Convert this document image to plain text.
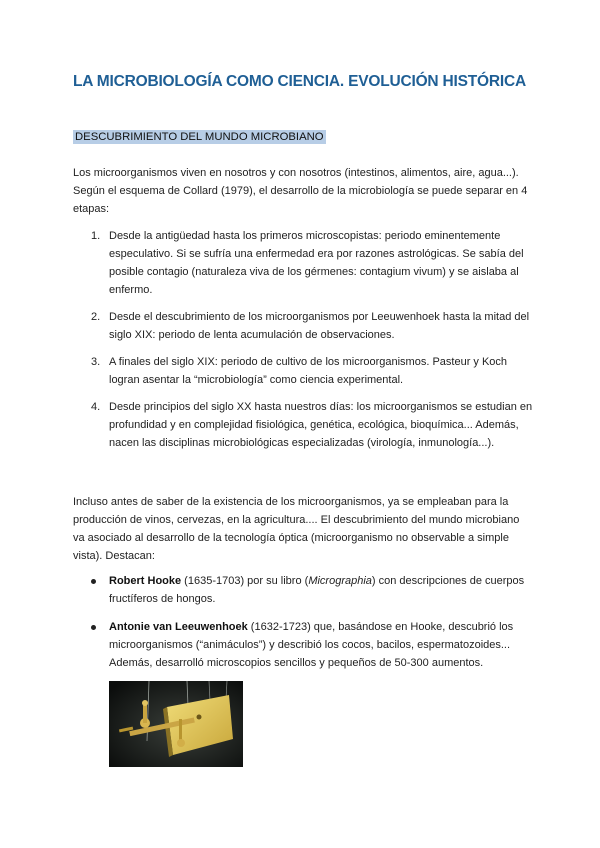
LA MICROBIOLOGÍA COMO CIENCIA. EVOLUCIÓN HISTÓRICA
DESCUBRIMIENTO DEL MUNDO MICROBIANO

Los microorganismos viven en nosotros y con nosotros (intestinos, alimentos, aire, agua...). Según el esquema de Collard (1979), el desarrollo de la microbiología se puede separar en 4 etapas:

1. Desde la antigüedad hasta los primeros microscopistas: periodo eminentemente especulativo. Si se sufría una enfermedad era por razones astrológicas. Se sabía del posible contagio (naturaleza viva de los gérmenes: contagium vivum) y se aislaba al enfermo.
2. Desde el descubrimiento de los microorganismos por Leeuwenhoek hasta la mitad del siglo XIX: periodo de lenta acumulación de observaciones.
3. A finales del siglo XIX: periodo de cultivo de los microorganismos. Pasteur y Koch logran asentar la “microbiología” como ciencia experimental.
4. Desde principios del siglo XX hasta nuestros días: los microorganismos se estudian en profundidad y en complejidad fisiológica, genética, ecológica, bioquímica... Además, nacen las disciplinas microbiológicas especializadas (virología, inmunología...).

Incluso antes de saber de la existencia de los microorganismos, ya se empleaban para la producción de vinos, cervezas, en la agricultura.... El descubrimiento del mundo microbiano va asociado al desarrollo de la tecnología óptica (microorganismo no observable a simple vista). Destacan:

Robert Hooke (1635-1703) por su libro (Micrographia) con descripciones de cuerpos fructíferos de hongos.
Antonie van Leeuwenhoek (1632-1723) que, basándose en Hooke, descubrió los microorganismos (“animáculos”) y describió los cocos, bacilos, espermatozoides... Además, desarrolló microscopios sencillos y pequeños de 50-300 aumentos.
